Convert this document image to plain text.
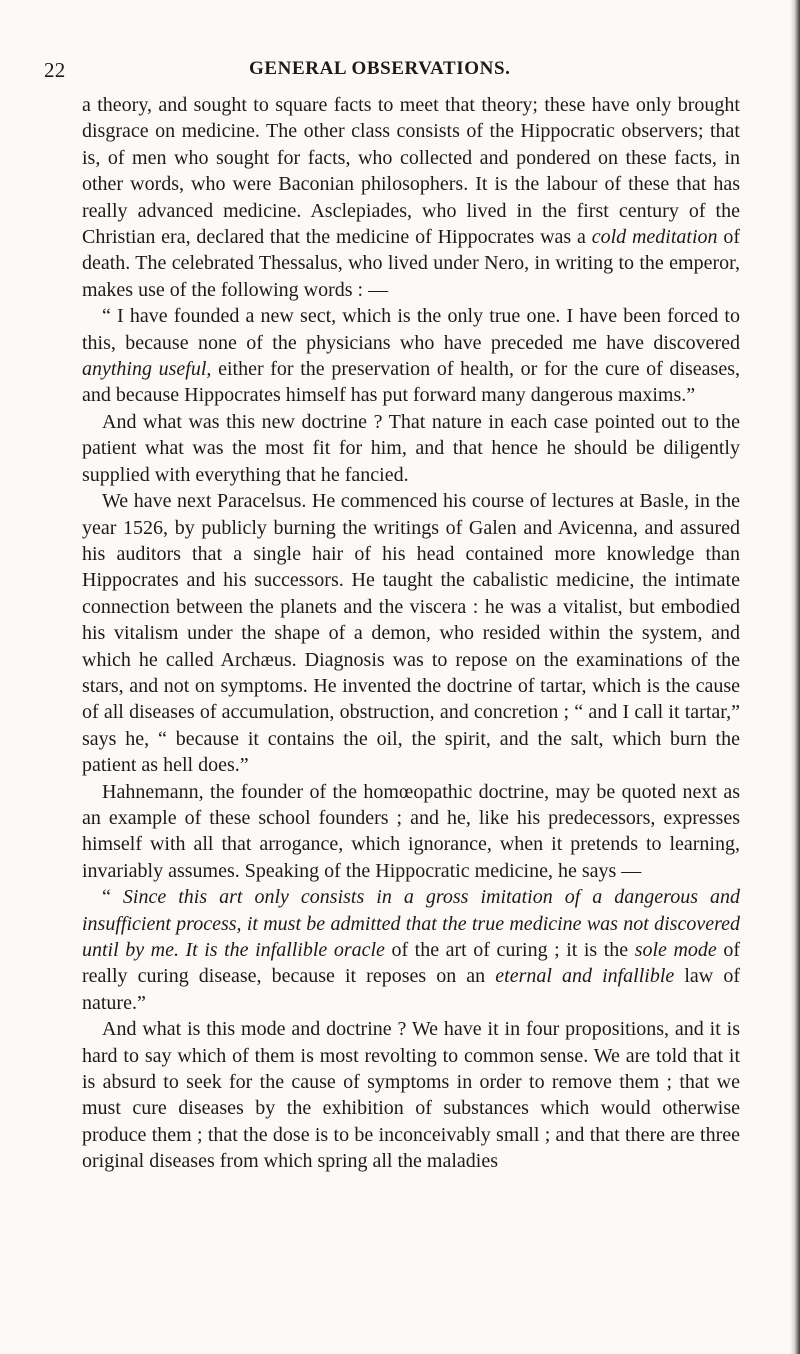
22	GENERAL OBSERVATIONS.

a theory, and sought to square facts to meet that theory; these have only brought disgrace on medicine. The other class consists of the Hippocratic observers; that is, of men who sought for facts, who collected and pondered on these facts, in other words, who were Baconian philosophers. It is the labour of these that has really advanced medicine. Asclepiades, who lived in the first century of the Christian era, declared that the medicine of Hippocrates was a cold meditation of death. The celebrated Thessalus, who lived under Nero, in writing to the emperor, makes use of the following words : —

“ I have founded a new sect, which is the only true one. I have been forced to this, because none of the physicians who have preceded me have discovered anything useful, either for the preservation of health, or for the cure of diseases, and because Hippocrates himself has put forward many dangerous maxims.”

And what was this new doctrine ? That nature in each case pointed out to the patient what was the most fit for him, and that hence he should be diligently supplied with everything that he fancied.

We have next Paracelsus. He commenced his course of lectures at Basle, in the year 1526, by publicly burning the writings of Galen and Avicenna, and assured his auditors that a single hair of his head contained more knowledge than Hippocrates and his successors. He taught the cabalistic medicine, the intimate connection between the planets and the viscera : he was a vitalist, but embodied his vitalism under the shape of a demon, who resided within the system, and which he called Archæus. Diagnosis was to repose on the examinations of the stars, and not on symptoms. He invented the doctrine of tartar, which is the cause of all diseases of accumulation, obstruction, and concretion ; “ and I call it tartar,” says he, “ because it contains the oil, the spirit, and the salt, which burn the patient as hell does.”

Hahnemann, the founder of the homœopathic doctrine, may be quoted next as an example of these school founders ; and he, like his predecessors, expresses himself with all that arrogance, which ignorance, when it pretends to learning, invariably assumes. Speaking of the Hippocratic medicine, he says —

“ Since this art only consists in a gross imitation of a dangerous and insufficient process, it must be admitted that the true medicine was not discovered until by me. It is the infallible oracle of the art of curing ; it is the sole mode of really curing disease, because it reposes on an eternal and infallible law of nature.”

And what is this mode and doctrine ? We have it in four propositions, and it is hard to say which of them is most revolting to common sense. We are told that it is absurd to seek for the cause of symptoms in order to remove them ; that we must cure diseases by the exhibition of substances which would otherwise produce them ; that the dose is to be inconceivably small ; and that there are three original diseases from which spring all the maladies
